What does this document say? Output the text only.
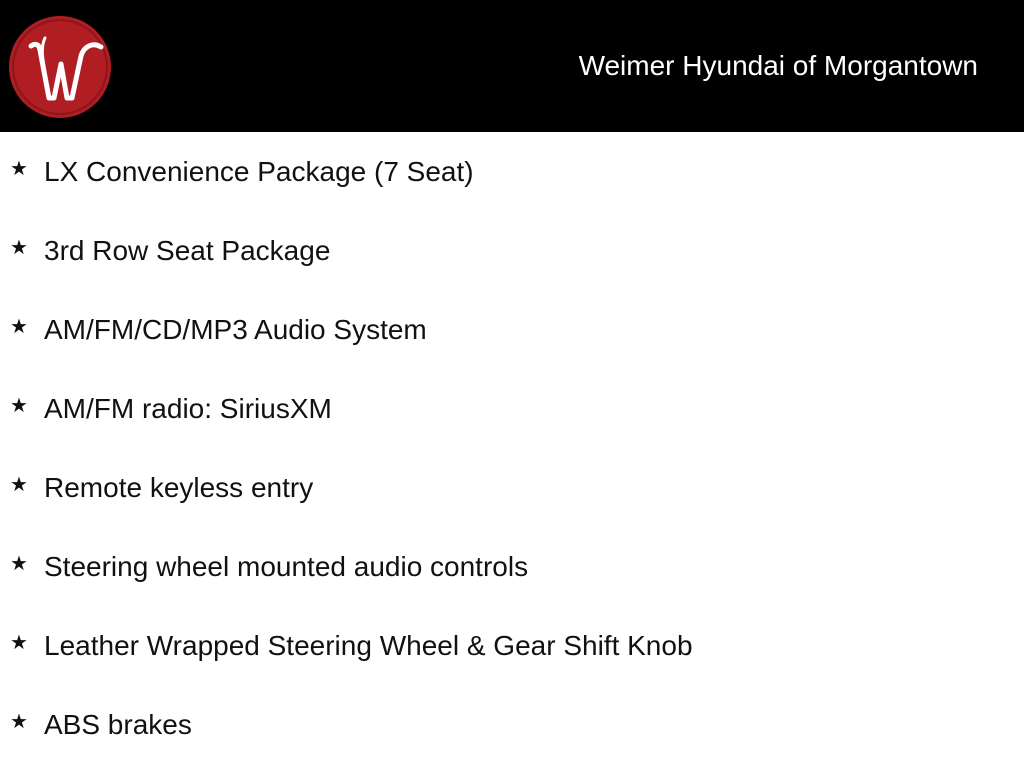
Weimer Hyundai of Morgantown
★ LX Convenience Package (7 Seat)
★ 3rd Row Seat Package
★ AM/FM/CD/MP3 Audio System
★ AM/FM radio: SiriusXM
★ Remote keyless entry
★ Steering wheel mounted audio controls
★ Leather Wrapped Steering Wheel & Gear Shift Knob
★ ABS brakes
